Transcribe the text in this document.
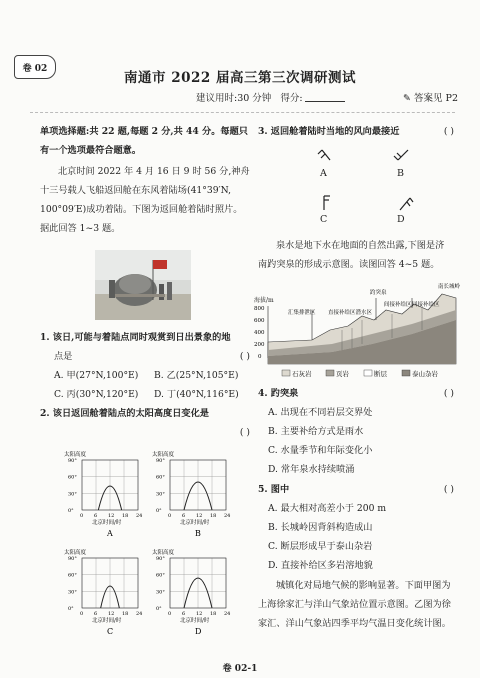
卷 02
南通市 2022 届高三第三次调研测试
建议用时:30 分钟 得分:	✎ 答案见 P2
单项选择题:共 22 题,每题 2 分,共 44 分。每题只
有一个选项最符合题意。
北京时间 2022 年 4 月 16 日 9 时 56 分,神舟
十三号载人飞船返回舱在东风着陆场(41°39′N,
100°09′E)成功着陆。下图为返回舱着陆时照片。
据此回答 1~3 题。
1. 该日,可能与着陆点同时观赏到日出景象的地
点是	( )
A. 甲(27°N,100°E)	B. 乙(25°N,105°E)
C. 丙(30°N,120°E)	D. 丁(40°N,116°E)
2. 该日返回舱着陆点的太阳高度日变化是
( )
太阳高度
90°
60°
30°
0°
0 6 12 18 24
北京时间/时
A
太阳高度
90°
60°
30°
0°
0 6 12 18 24
北京时间/时
B
太阳高度
90°
60°
30°
0°
0 6 12 18 24
北京时间/时
C
太阳高度
90°
60°
30°
0°
0 6 12 18 24
北京时间/时
D
3. 返回舱着陆时当地的风向最接近	( )
A	B
C	D
泉水是地下水在地面的自然出露,下图是济
南趵突泉的形成示意图。读图回答 4~5 题。
海拔/m
800
600
400
200
0
汇集排泄区 直接补给区潜水区
趵突泉
间接补给区 回接补给区
南长城岭
石灰岩	页岩	断层	泰山杂岩
4. 趵突泉	( )
A. 出现在不同岩层交界处
B. 主要补给方式是雨水
C. 水量季节和年际变化小
D. 常年泉水持续喷涌
5. 图中	( )
A. 最大相对高差小于 200 m
B. 长城岭因背斜构造成山
C. 断层形成早于泰山杂岩
D. 直接补给区多岩溶地貌
城镇化对局地气候的影响显著。下面甲图为
上海徐家汇与洋山气象站位置示意图。乙图为徐
家汇、洋山气象站四季平均气温日变化统计图。
卷 02-1
